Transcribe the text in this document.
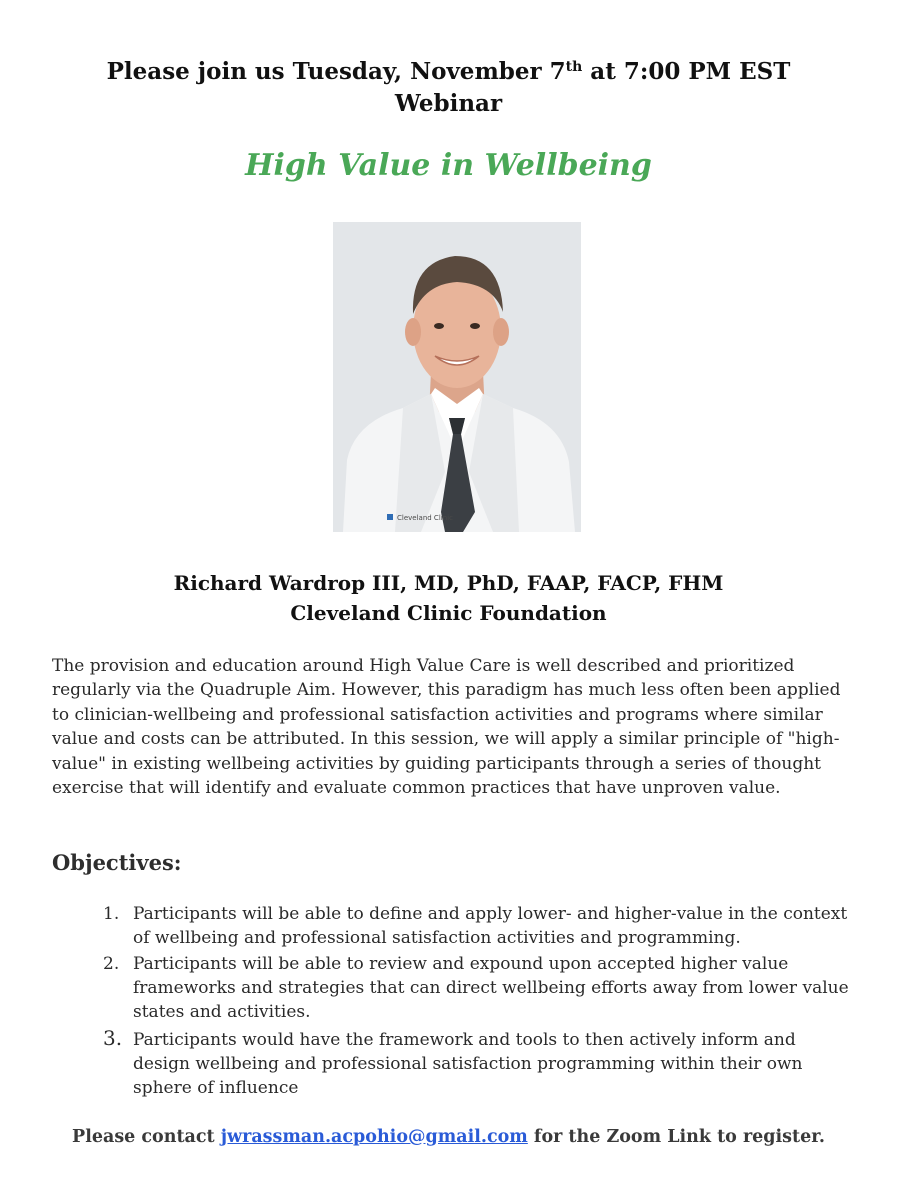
Please join us Tuesday, November 7th at 7:00 PM EST
Webinar
High Value in Wellbeing
Cleveland Clinic
Richard Wardrop III, MD, PhD, FAAP, FACP, FHM
Cleveland Clinic Foundation

The provision and education around High Value Care is well described and prioritized regularly via the Quadruple Aim. However, this paradigm has much less often been applied to clinician-wellbeing and professional satisfaction activities and programs where similar value and costs can be attributed. In this session, we will apply a similar principle of "high-value" in existing wellbeing activities by guiding participants through a series of thought exercise that will identify and evaluate common practices that have unproven value.

Objectives:
1. Participants will be able to define and apply lower- and higher-value in the context of wellbeing and professional satisfaction activities and programming.
2. Participants will be able to review and expound upon accepted higher value frameworks and strategies that can direct wellbeing efforts away from lower value states and activities.
3. Participants would have the framework and tools to then actively inform and design wellbeing and professional satisfaction programming within their own sphere of influence
Please contact jwrassman.acpohio@gmail.com for the Zoom Link to register.
